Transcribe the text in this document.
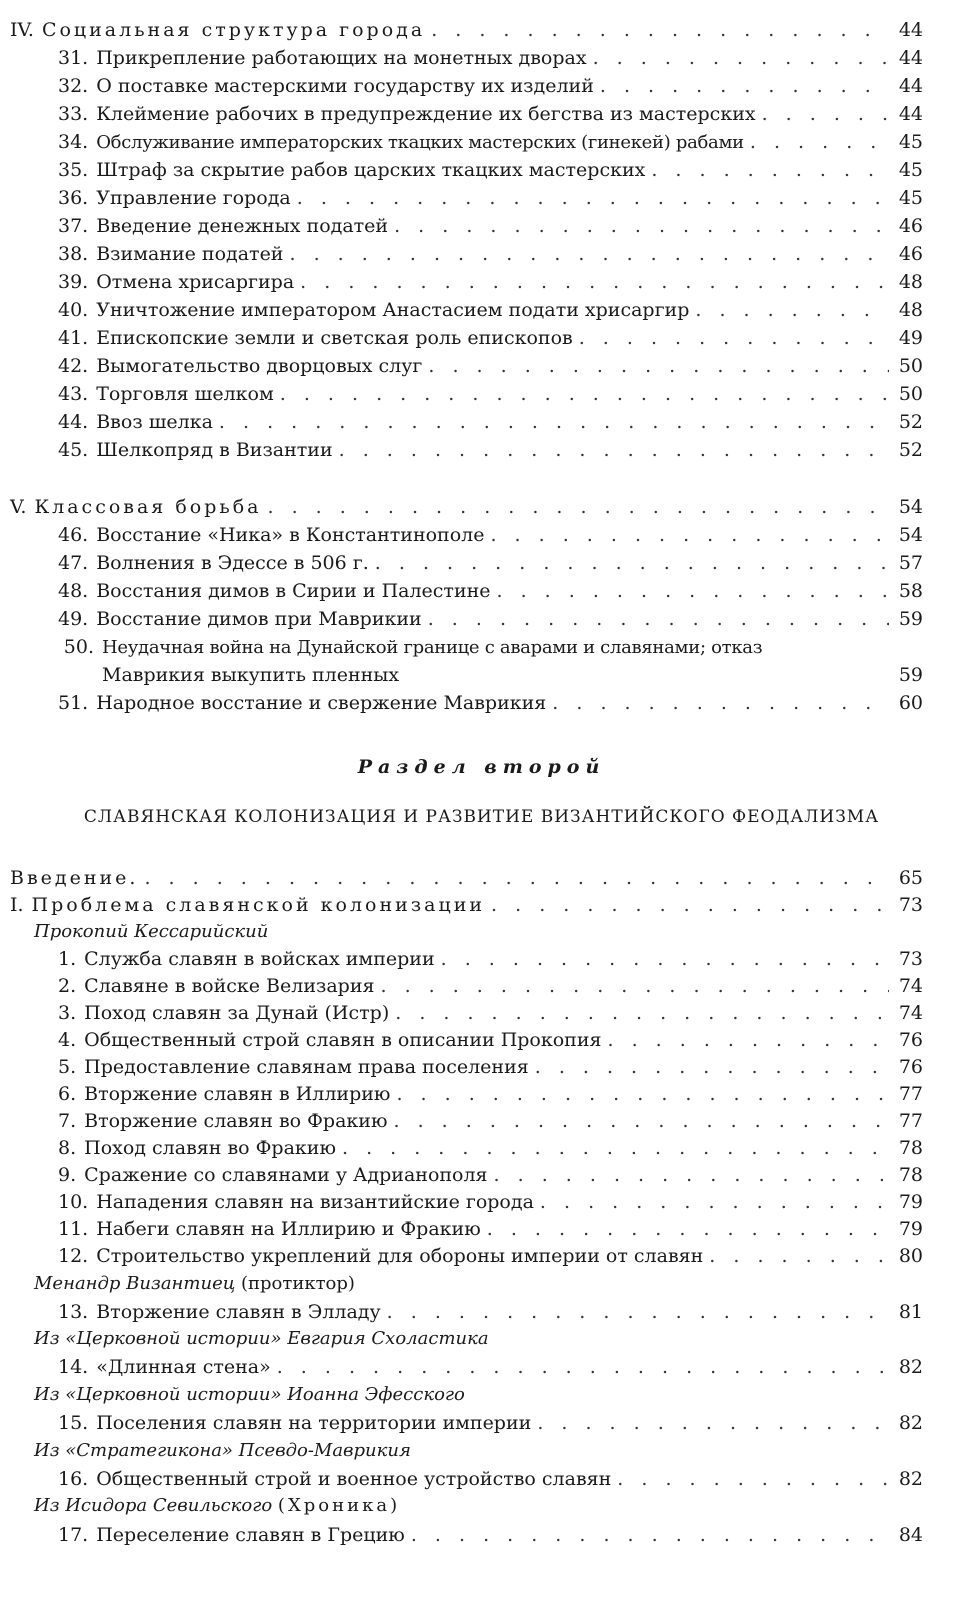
IV. Социальная структура города . . .	44
31. Прикрепление работающих на монетных дворах . . .	44
32. О поставке мастерскими государству их изделий . . .	44
33. Клеймение рабочих в предупреждение их бегства из мастерских . . .	44
34. Обслуживание императорских ткацких мастерских (гинекей) рабами . . .	45
35. Штраф за скрытие рабов царских ткацких мастерских . . .	45
36. Управление города . . .	45
37. Введение денежных податей . . .	46
38. Взимание податей . . .	46
39. Отмена хрисаргира . . .	48
40. Уничтожение императором Анастасием подати хрисаргир . . .	48
41. Епископские земли и светская роль епископов . . .	49
42. Вымогательство дворцовых слуг . . .	50
43. Торговля шелком . . .	50
44. Ввоз шелка . . .	52
45. Шелкопряд в Византии . . .	52
V. Классовая борьба . . .	54
46. Восстание «Ника» в Константинополе . . .	54
47. Волнения в Эдессе в 506 г. . . .	57
48. Восстания димов в Сирии и Палестине . . .	58
49. Восстание димов при Маврикии . . .	59
50. Неудачная война на Дунайской границе с аварами и славянами; отказ
Маврикия выкупить пленных	59
51. Народное восстание и свержение Маврикия . . .	60
Раздел второй
СЛАВЯНСКАЯ КОЛОНИЗАЦИЯ И РАЗВИТИЕ ВИЗАНТИЙСКОГО ФЕОДАЛИЗМА
Введение. . . .	65
I. Проблема славянской колонизации . . .	73
Прокопий Кессарийский
1. Служба славян в войсках империи . . .	73
2. Славяне в войске Велизария . . .	74
3. Поход славян за Дунай (Истр) . . .	74
4. Общественный строй славян в описании Прокопия . . .	76
5. Предоставление славянам права поселения . . .	76
6. Вторжение славян в Иллирию . . .	77
7. Вторжение славян во Фракию . . .	77
8. Поход славян во Фракию . . .	78
9. Сражение со славянами у Адрианополя . . .	78
10. Нападения славян на византийские города . . .	79
11. Набеги славян на Иллирию и Фракию . . .	79
12. Строительство укреплений для обороны империи от славян . . .	80
Менандр Византиец (протиктор)
13. Вторжение славян в Элладу . . .	81
Из «Церковной истории» Евгария Схоластика
14. «Длинная стена» . . .	82
Из «Церковной истории» Иоанна Эфесского
15. Поселения славян на территории империи . . .	82
Из «Стратегикона» Псевдо-Маврикия
16. Общественный строй и военное устройство славян . . .	82
Из Исидора Севильского (Хроника)
17. Переселение славян в Грецию . . .	84
